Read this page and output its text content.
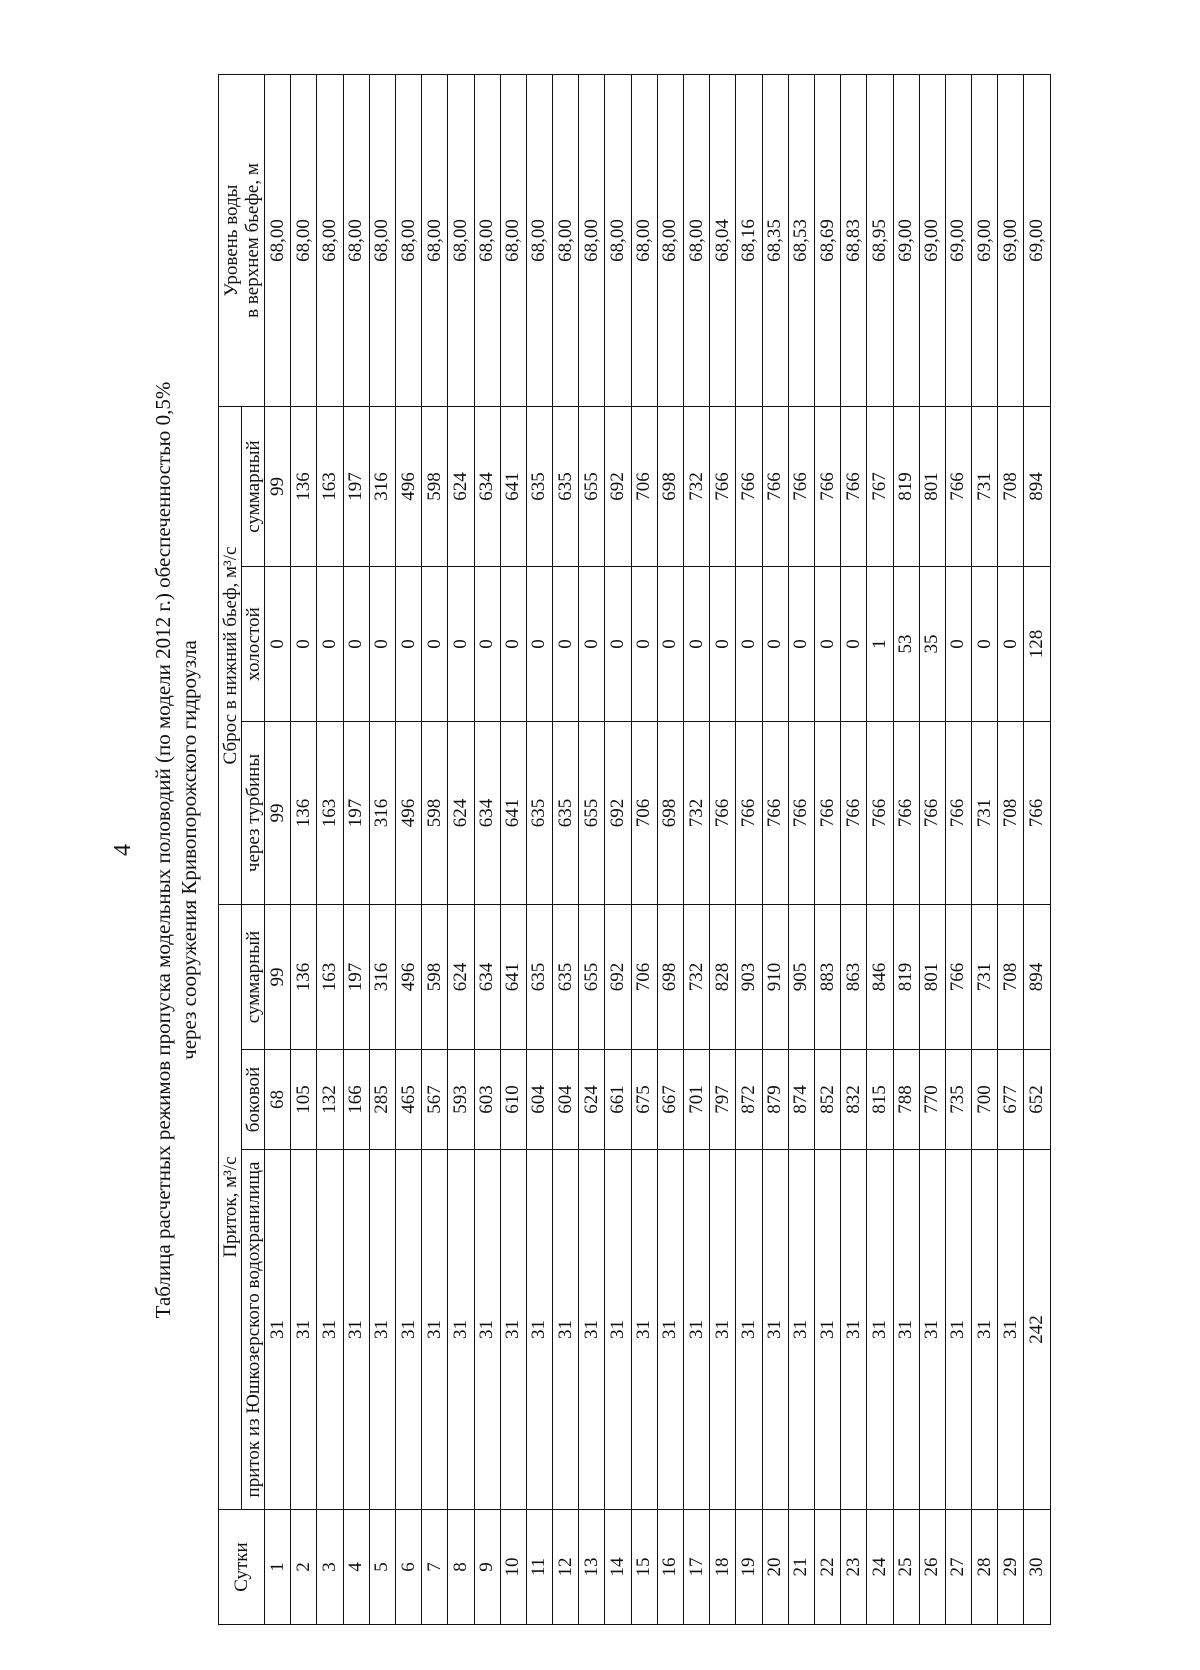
4 Таблица расчетных режимов пропуска модельных половодий (по модели 2012 г.) обеспеченностью 0,5% через сооружения Кривопорожского гидроузла
Сутки	Приток, м³/с			Сброс в нижний бьеф, м³/с			Уровень воды в верхнем бьефе, м

	приток из Юшкозерского водохранилища	боковой	суммарный	через турбины	холостой	суммарный	
1	31	68	99	99	0	99	68,00
2	31	105	136	136	0	136	68,00
3	31	132	163	163	0	163	68,00
4	31	166	197	197	0	197	68,00
5	31	285	316	316	0	316	68,00
6	31	465	496	496	0	496	68,00
7	31	567	598	598	0	598	68,00
8	31	593	624	624	0	624	68,00
9	31	603	634	634	0	634	68,00
10	31	610	641	641	0	641	68,00
11	31	604	635	635	0	635	68,00
12	31	604	635	635	0	635	68,00
13	31	624	655	655	0	655	68,00
14	31	661	692	692	0	692	68,00
15	31	675	706	706	0	706	68,00
16	31	667	698	698	0	698	68,00
17	31	701	732	732	0	732	68,00
18	31	797	828	766	0	766	68,04
19	31	872	903	766	0	766	68,16
20	31	879	910	766	0	766	68,35
21	31	874	905	766	0	766	68,53
22	31	852	883	766	0	766	68,69
23	31	832	863	766	0	766	68,83
24	31	815	846	766	1	767	68,95
25	31	788	819	766	53	819	69,00
26	31	770	801	766	35	801	69,00
27	31	735	766	766	0	766	69,00
28	31	700	731	731	0	731	69,00
29	31	677	708	708	0	708	69,00
30	242	652	894	766	128	894	69,00
